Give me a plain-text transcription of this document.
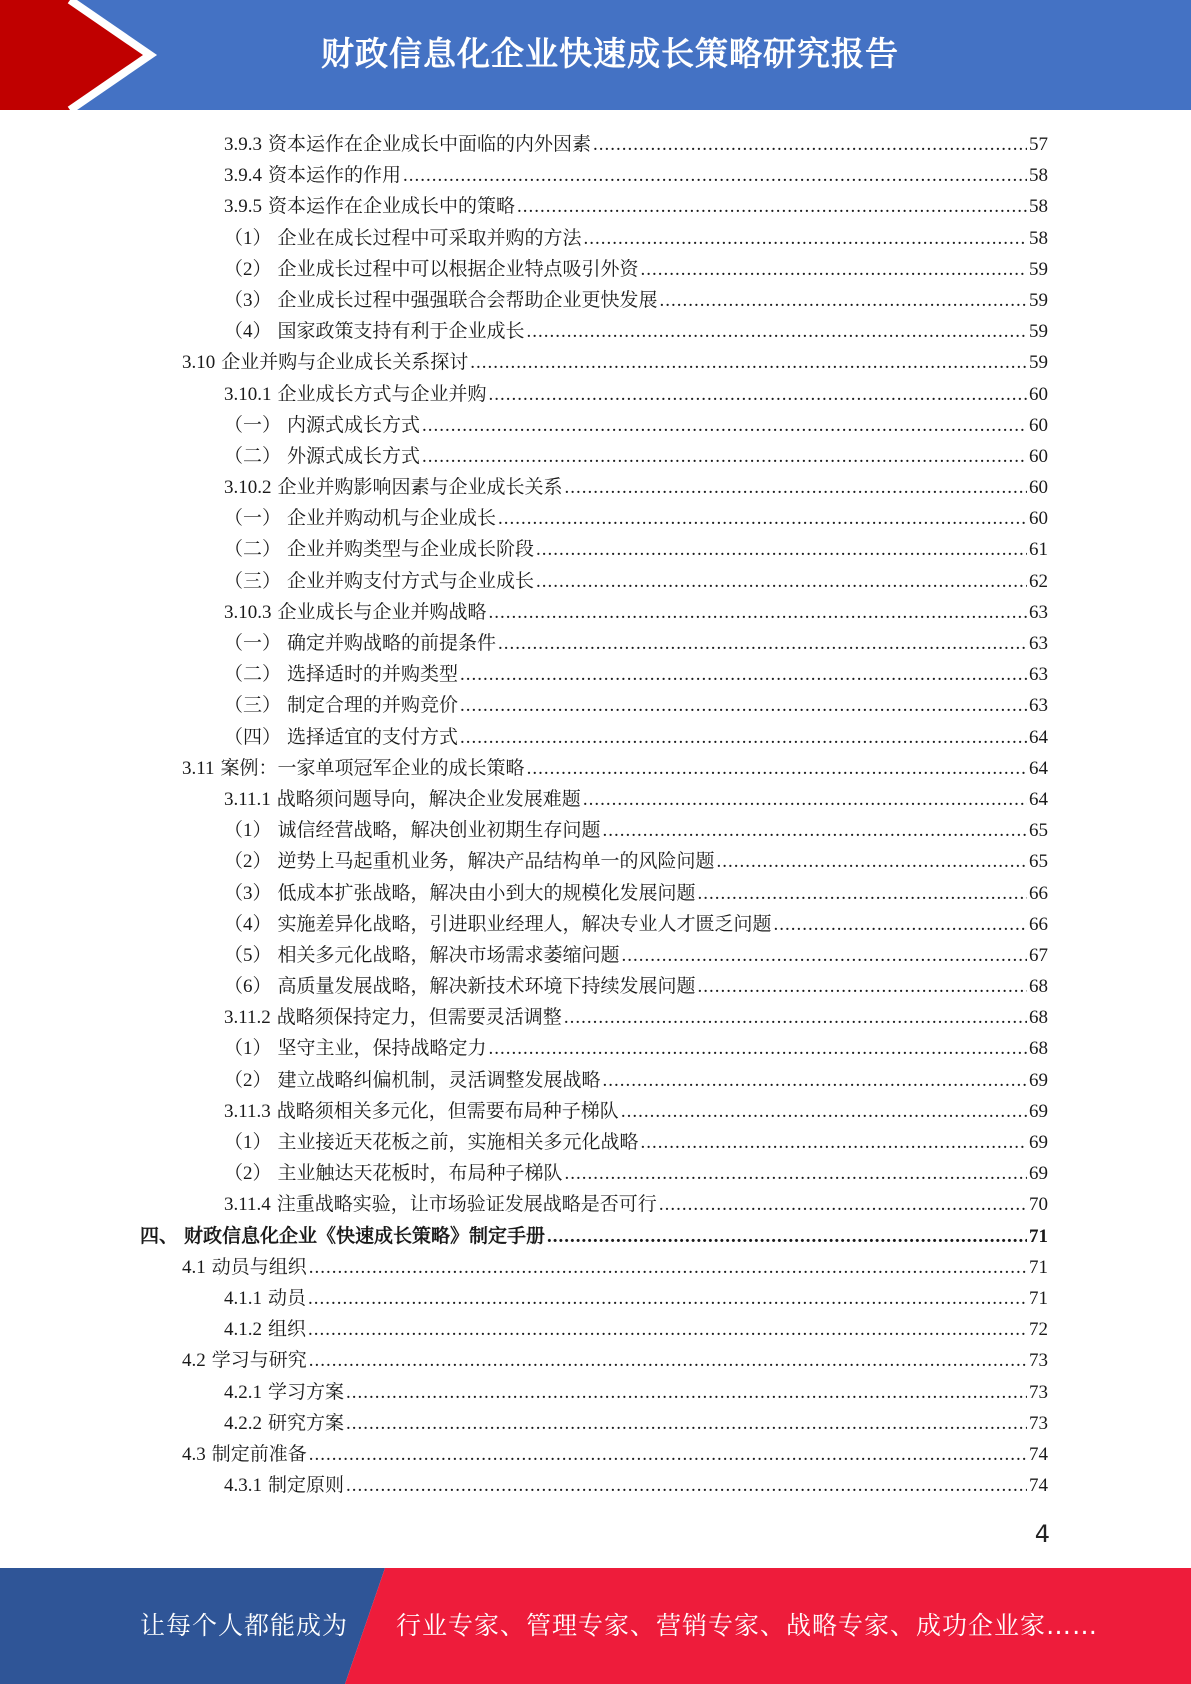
财政信息化企业快速成长策略研究报告
3.9.3 资本运作在企业成长中面临的内外因素 .....	57
3.9.4 资本运作的作用 .....	58
3.9.5 资本运作在企业成长中的策略 .....	58
（1） 企业在成长过程中可采取并购的方法 .....	58
（2） 企业成长过程中可以根据企业特点吸引外资 .....	59
（3） 企业成长过程中强强联合会帮助企业更快发展 .....	59
（4） 国家政策支持有利于企业成长 .....	59
3.10 企业并购与企业成长关系探讨 .....	59
3.10.1 企业成长方式与企业并购 .....	60
（一） 内源式成长方式 .....	60
（二） 外源式成长方式 .....	60
3.10.2 企业并购影响因素与企业成长关系 .....	60
（一） 企业并购动机与企业成长 .....	60
（二） 企业并购类型与企业成长阶段 .....	61
（三） 企业并购支付方式与企业成长 .....	62
3.10.3 企业成长与企业并购战略 .....	63
（一） 确定并购战略的前提条件 .....	63
（二） 选择适时的并购类型 .....	63
（三） 制定合理的并购竞价 .....	63
（四） 选择适宜的支付方式 .....	64
3.11 案例：一家单项冠军企业的成长策略 .....	64
3.11.1 战略须问题导向，解决企业发展难题 .....	64
（1） 诚信经营战略，解决创业初期生存问题 .....	65
（2） 逆势上马起重机业务，解决产品结构单一的风险问题 .....	65
（3） 低成本扩张战略，解决由小到大的规模化发展问题 .....	66
（4） 实施差异化战略，引进职业经理人，解决专业人才匮乏问题 .....	66
（5） 相关多元化战略，解决市场需求萎缩问题 .....	67
（6） 高质量发展战略，解决新技术环境下持续发展问题 .....	68
3.11.2 战略须保持定力，但需要灵活调整 .....	68
（1） 坚守主业，保持战略定力 .....	68
（2） 建立战略纠偏机制，灵活调整发展战略 .....	69
3.11.3 战略须相关多元化，但需要布局种子梯队 .....	69
（1） 主业接近天花板之前，实施相关多元化战略 .....	69
（2） 主业触达天花板时，布局种子梯队 .....	69
3.11.4 注重战略实验，让市场验证发展战略是否可行 .....	70
四、 财政信息化企业《快速成长策略》制定手册 .....	71
4.1 动员与组织 .....	71
4.1.1 动员 .....	71
4.1.2 组织 .....	72
4.2 学习与研究 .....	73
4.2.1 学习方案 .....	73
4.2.2 研究方案 .....	73
4.3 制定前准备 .....	74
4.3.1 制定原则 .....	74
4
让每个人都能成为 行业专家、管理专家、营销专家、战略专家、成功企业家……
